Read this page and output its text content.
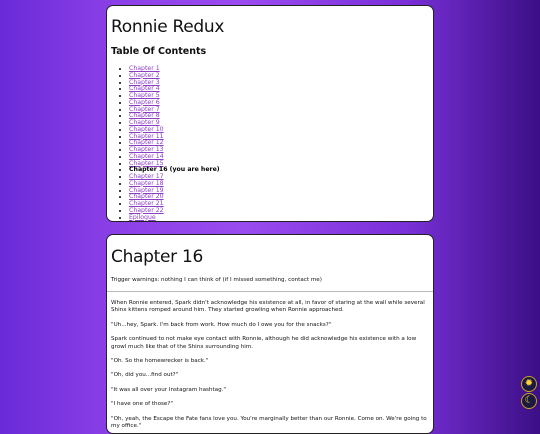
Ronnie Redux
Table Of Contents
• Chapter 1
• Chapter 2
• Chapter 3
• Chapter 4
• Chapter 5
• Chapter 6
• Chapter 7
• Chapter 8
• Chapter 9
• Chapter 10
• Chapter 11
• Chapter 12
• Chapter 13
• Chapter 14
• Chapter 15
• Chapter 16 (you are here)
• Chapter 17
• Chapter 18
• Chapter 19
• Chapter 20
• Chapter 21
• Chapter 22
• Epilogue
Chapter 16

Trigger warnings: nothing I can think of (if I missed something, contact me)

When Ronnie entered, Spark didn't acknowledge his existence at all, in favor of staring at the wall while several Shinx kittens romped around him. They started growling when Ronnie approached.

"Uh...hey, Spark. I'm back from work. How much do I owe you for the snacks?"

Spark continued to not make eye contact with Ronnie, although he did acknowledge his existence with a low growl much like that of the Shinx surrounding him.

"Oh. So the homewrecker is back."

"Oh, did you...find out?"

"It was all over your Instagram hashtag."

"I have one of those?"

"Oh, yeah, the Escape the Fate fans love you. You're marginally better than our Ronnie. Come on. We're going to my office."

✹
☾
